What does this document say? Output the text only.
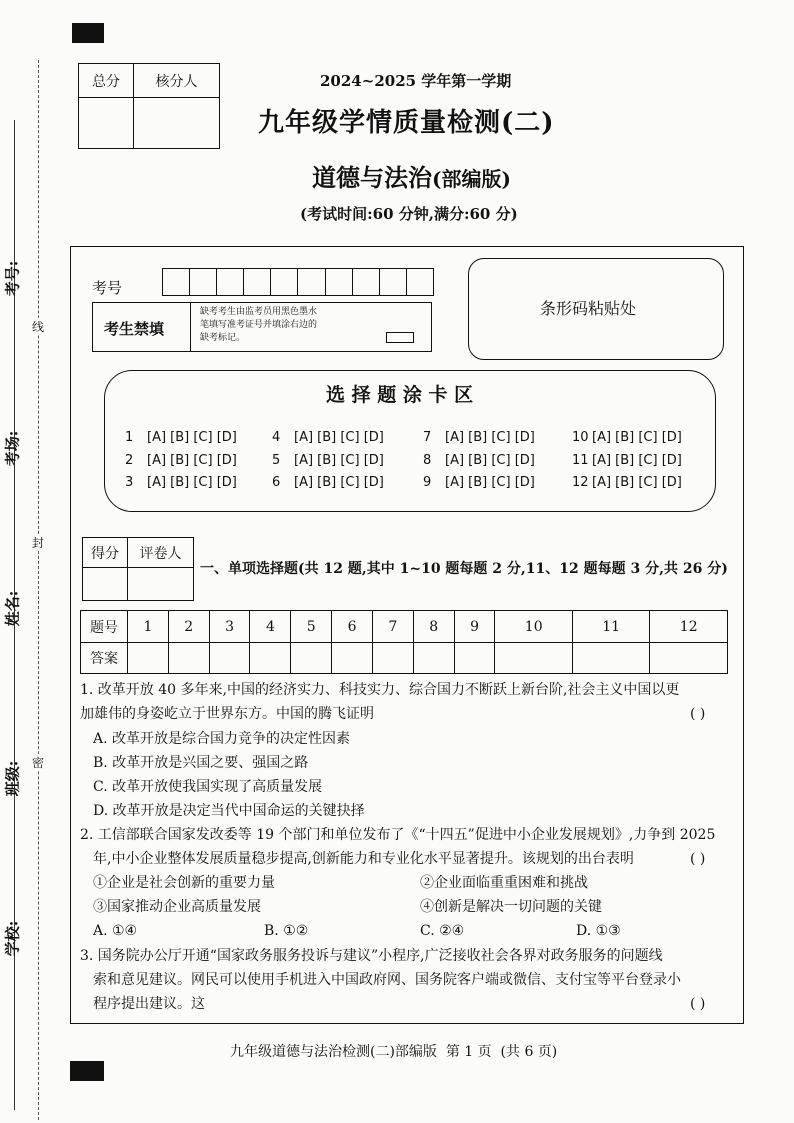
学校:
班级:
姓名:
考场:
考号:
密
封
线
总分	核分人
		2024~2025 学年第一学期
九年级学情质量检测(二)
道德与法治(部编版)
(考试时间:60 分钟,满分:60 分)
考号
考生禁填
缺考考生由监考员用黑色墨水
笔填写准考证号并填涂右边的
缺考标记。
条形码粘贴处
选 择 题 涂 卡 区
1 [A] [B] [C] [D]
2 [A] [B] [C] [D]
3 [A] [B] [C] [D]
4 [A] [B] [C] [D]
5 [A] [B] [C] [D]
6 [A] [B] [C] [D]
7 [A] [B] [C] [D]
8 [A] [B] [C] [D]
9 [A] [B] [C] [D]
10 [A] [B] [C] [D]
11 [A] [B] [C] [D]
12 [A] [B] [C] [D]
得分	评卷人

一、单项选择题(共 12 题,其中 1~10 题每题 2 分,11、12 题每题 3 分,共 26 分)
题号	1	2	3	4	5	6	7	8	9	10	11	12
答案												
1. 改革开放 40 多年来,中国的经济实力、科技实力、综合国力不断跃上新台阶,社会主义中国以更
加雄伟的身姿屹立于世界东方。中国的腾飞证明	( )
A. 改革开放是综合国力竞争的决定性因素
B. 改革开放是兴国之要、强国之路
C. 改革开放使我国实现了高质量发展
D. 改革开放是决定当代中国命运的关键抉择
2. 工信部联合国家发改委等 19 个部门和单位发布了《“十四五”促进中小企业发展规划》,力争到 2025
年,中小企业整体发展质量稳步提高,创新能力和专业化水平显著提升。该规划的出台表明	( )
①企业是社会创新的重要力量	②企业面临重重困难和挑战
③国家推动企业高质量发展	④创新是解决一切问题的关键
A. ①④	B. ①②	C. ②④	D. ①③
3. 国务院办公厅开通“国家政务服务投诉与建议”小程序,广泛接收社会各界对政务服务的问题线
索和意见建议。网民可以使用手机进入中国政府网、国务院客户端或微信、支付宝等平台登录小
程序提出建议。这	( )
九年级道德与法治检测(二)部编版  第 1 页  (共 6 页)
